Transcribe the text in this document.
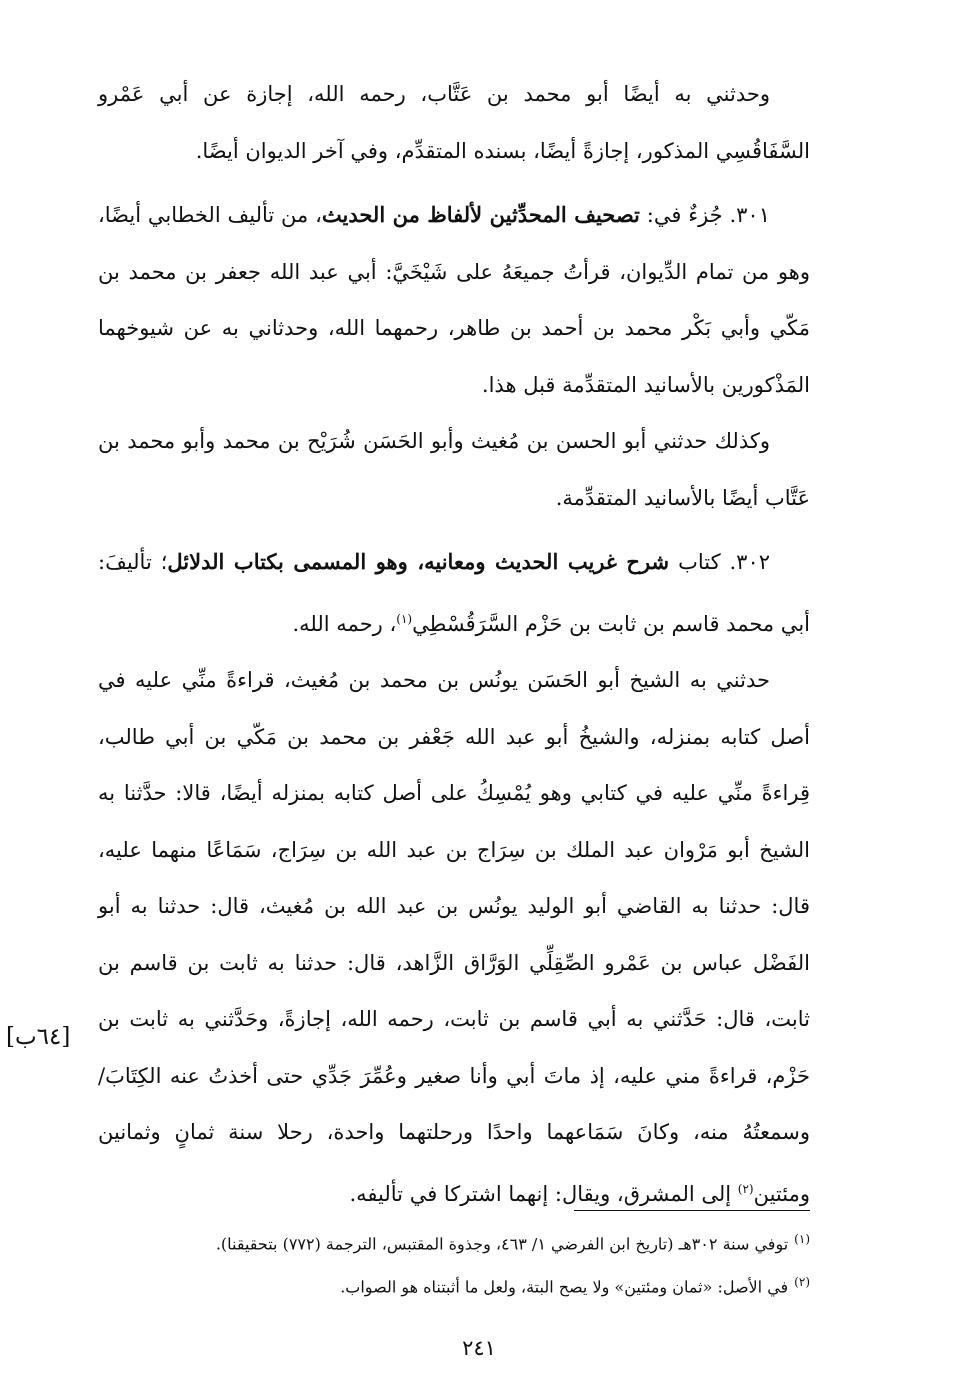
وحدثني به أيضًا أبو محمد بن عَتَّاب، رحمه الله، إجازة عن أبي عَمْرو السَّفَاقُسِي المذكور، إجازةً أيضًا، بسنده المتقدِّم، وفي آخر الديوان أيضًا.

٣٠١. جُزءٌ في: تصحيف المحدِّثين لألفاظ من الحديث، من تأليف الخطابي أيضًا، وهو من تمام الدِّيوان، قرأتُ جميعَهُ على شَيْخَيَّ: أبي عبد الله جعفر بن محمد بن مَكّي وأبي بَكْر محمد بن أحمد بن طاهر، رحمهما الله، وحدثاني به عن شيوخهما المَذْكورين بالأسانيد المتقدِّمة قبل هذا.

وكذلك حدثني أبو الحسن بن مُغيث وأبو الحَسَن شُرَيْح بن محمد وأبو محمد بن عَتَّاب أيضًا بالأسانيد المتقدِّمة.

٣٠٢. كتاب شرح غريب الحديث ومعانيه، وهو المسمى بكتاب الدلائل؛ تأليفَ: أبي محمد قاسم بن ثابت بن حَزْم السَّرَقُسْطِي$^{(١)}$، رحمه الله.

حدثني به الشيخ أبو الحَسَن يونُس بن محمد بن مُغيث، قراءةً منِّي عليه في أصل كتابه بمنزله، والشيخُ أبو عبد الله جَعْفر بن محمد بن مَكّي بن أبي طالب، قِراءةً منِّي عليه في كتابي وهو يُمْسِكُ على أصل كتابه بمنزله أيضًا، قالا: حدَّثنا به الشيخ أبو مَرْوان عبد الملك بن سِرَاج بن عبد الله بن سِرَاج، سَمَاعًا منهما عليه، قال: حدثنا به القاضي أبو الوليد يونُس بن عبد الله بن مُغيث، قال: حدثنا به أبو الفَضْل عباس بن عَمْرو الصِّقِلِّي الوَرَّاق الزَّاهد، قال: حدثنا به ثابت بن قاسم بن ثابت، قال: حَدَّثني به أبي قاسم بن ثابت، رحمه الله، إجازةً، وحَدَّثني به ثابت بن حَزْم، قراءةً مني عليه، إذ ماتَ أبي وأنا صغير وعُمِّرَ جَدِّي حتى أخذتُ عنه الكِتَابَ/ وسمعتُهُ منه، وكانَ سَمَاعهما واحدًا ورحلتهما واحدة، رحلا سنة ثمانٍ وثمانين ومئتين$^{(٢)}$ إلى المشرق، ويقال: إنهما اشتركا في تأليفه.

[٦٤ب]

$^{(١)}$توفي سنة ٣٠٢هـ (تاريخ ابن الفرضي ١/ ٤٦٣، وجذوة المقتبس، الترجمة (٧٧٢) بتحقيقنا).

$^{(٢)}$في الأصل: «ثمان ومئتين» ولا يصح البتة، ولعل ما أثبتناه هو الصواب.

٢٤١
